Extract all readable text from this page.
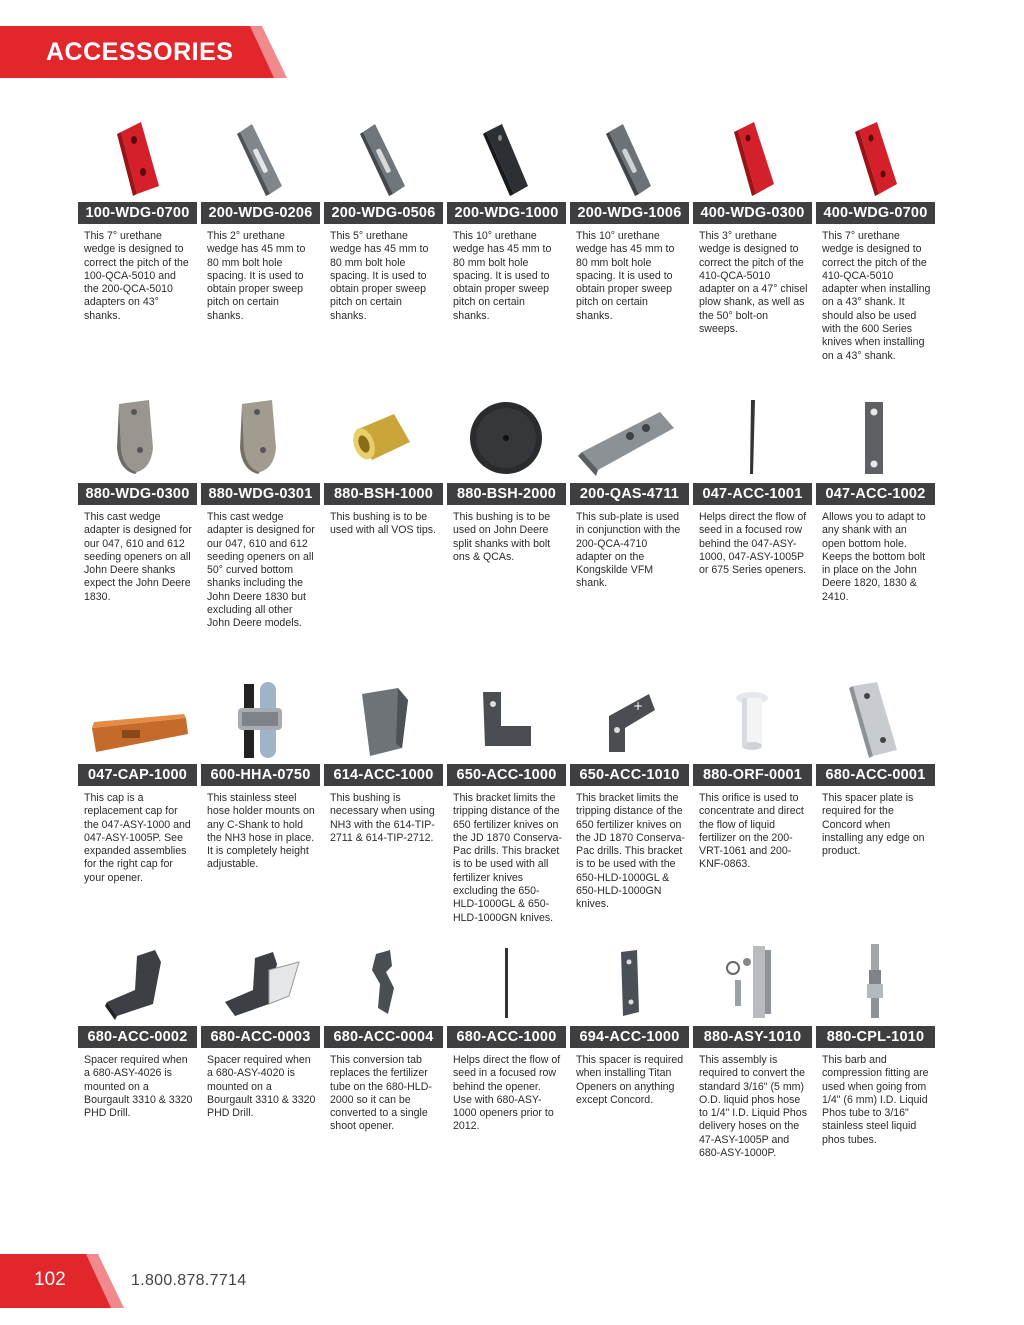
ACCESSORIES
100-WDG-0700	200-WDG-0206	200-WDG-0506	200-WDG-1000	200-WDG-1006	400-WDG-0300	400-WDG-0700
This 7° urethane wedge is designed to correct the pitch of the 100-QCA-5010 and the 200-QCA-5010 adapters on 43° shanks.
This 2° urethane wedge has 45 mm to 80 mm bolt hole spacing. It is used to obtain proper sweep pitch on certain shanks.
This 5° urethane wedge has 45 mm to 80 mm bolt hole spacing. It is used to obtain proper sweep pitch on certain shanks.
This 10° urethane wedge has 45 mm to 80 mm bolt hole spacing. It is used to obtain proper sweep pitch on certain shanks.
This 10° urethane wedge has 45 mm to 80 mm bolt hole spacing. It is used to obtain proper sweep pitch on certain shanks.
This 3° urethane wedge is designed to correct the pitch of the 410-QCA-5010 adapter on a 47° chisel plow shank, as well as the 50° bolt-on sweeps.
This 7° urethane wedge is designed to correct the pitch of the 410-QCA-5010 adapter when installing on a 43° shank. It should also be used with the 600 Series knives when installing on a 43° shank.
880-WDG-0300	880-WDG-0301	880-BSH-1000	880-BSH-2000	200-QAS-4711	047-ACC-1001	047-ACC-1002
This cast wedge adapter is designed for our 047, 610 and 612 seeding openers on all John Deere shanks expect the John Deere 1830.
This cast wedge adapter is designed for our 047, 610 and 612 seeding openers on all 50° curved bottom shanks including the John Deere 1830 but excluding all other John Deere models.
This bushing is to be used with all VOS tips.
This bushing is to be used on John Deere split shanks with bolt ons & QCAs.
This sub-plate is used in conjunction with the 200-QCA-4710 adapter on the Kongskilde VFM shank.
Helps direct the flow of seed in a focused row behind the 047-ASY-1000, 047-ASY-1005P or 675 Series openers.
Allows you to adapt to any shank with an open bottom hole. Keeps the bottom bolt in place on the John Deere 1820, 1830 & 2410.
+
047-CAP-1000	600-HHA-0750	614-ACC-1000	650-ACC-1000	650-ACC-1010	880-ORF-0001	680-ACC-0001
This cap is a replacement cap for the 047-ASY-1000 and 047-ASY-1005P. See expanded assemblies for the right cap for your opener.
This stainless steel hose holder mounts on any C-Shank to hold the NH3 hose in place. It is completely height adjustable.
This bushing is necessary when using NH3 with the 614-TIP-2711 & 614-TIP-2712.
This bracket limits the tripping distance of the 650 fertilizer knives on the JD 1870 Conserva-Pac drills. This bracket is to be used with all fertilizer knives excluding the 650-HLD-1000GL & 650-HLD-1000GN knives.
This bracket limits the tripping distance of the 650 fertilizer knives on the JD 1870 Conserva-Pac drills. This bracket is to be used with the 650-HLD-1000GL & 650-HLD-1000GN knives.
This orifice is used to concentrate and direct the flow of liquid fertilizer on the 200-VRT-1061 and 200-KNF-0863.
This spacer plate is required for the Concord when installing any edge on product.
680-ACC-0002	680-ACC-0003	680-ACC-0004	680-ACC-1000	694-ACC-1000	880-ASY-1010	880-CPL-1010
Spacer required when a 680-ASY-4026 is mounted on a Bourgault 3310 & 3320 PHD Drill.
Spacer required when a 680-ASY-4020 is mounted on a Bourgault 3310 & 3320 PHD Drill.
This conversion tab replaces the fertilizer tube on the 680-HLD-2000 so it can be converted to a single shoot opener.
Helps direct the flow of seed in a focused row behind the opener. Use with 680-ASY-1000 openers prior to 2012.
This spacer is required when installing Titan Openers on anything except Concord.
This assembly is required to convert the standard 3/16" (5 mm) O.D. liquid phos hose to 1/4" I.D. Liquid Phos delivery hoses on the 47-ASY-1005P and 680-ASY-1000P.
This barb and compression fitting are used when going from 1/4" (6 mm) I.D. Liquid Phos tube to 3/16" stainless steel liquid phos tubes.
102	1.800.878.7714
